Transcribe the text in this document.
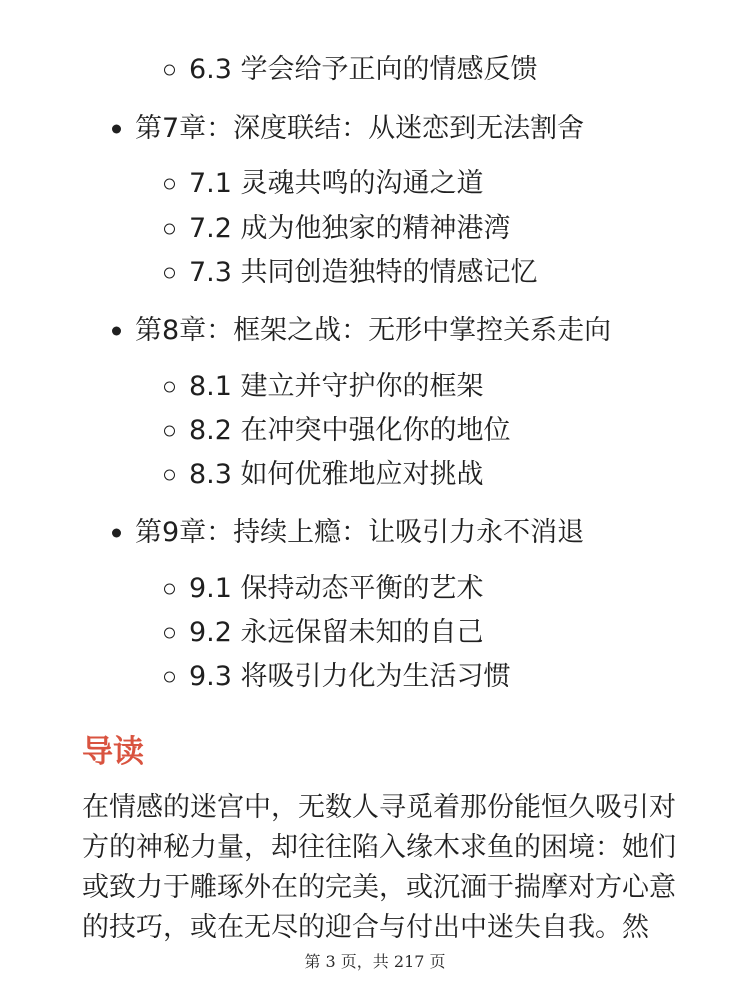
6.3 学会给予正向的情感反馈
第7章：深度联结：从迷恋到无法割舍
7.1 灵魂共鸣的沟通之道
7.2 成为他独家的精神港湾
7.3 共同创造独特的情感记忆
第8章：框架之战：无形中掌控关系走向
8.1 建立并守护你的框架
8.2 在冲突中强化你的地位
8.3 如何优雅地应对挑战
第9章：持续上瘾：让吸引力永不消退
9.1 保持动态平衡的艺术
9.2 永远保留未知的自己
9.3 将吸引力化为生活习惯
导读
在情感的迷宫中，无数人寻觅着那份能恒久吸引对
方的神秘力量，却往往陷入缘木求鱼的困境：她们
或致力于雕琢外在的完美，或沉湎于揣摩对方心意
的技巧，或在无尽的迎合与付出中迷失自我。然
第 3 页，共 217 页
